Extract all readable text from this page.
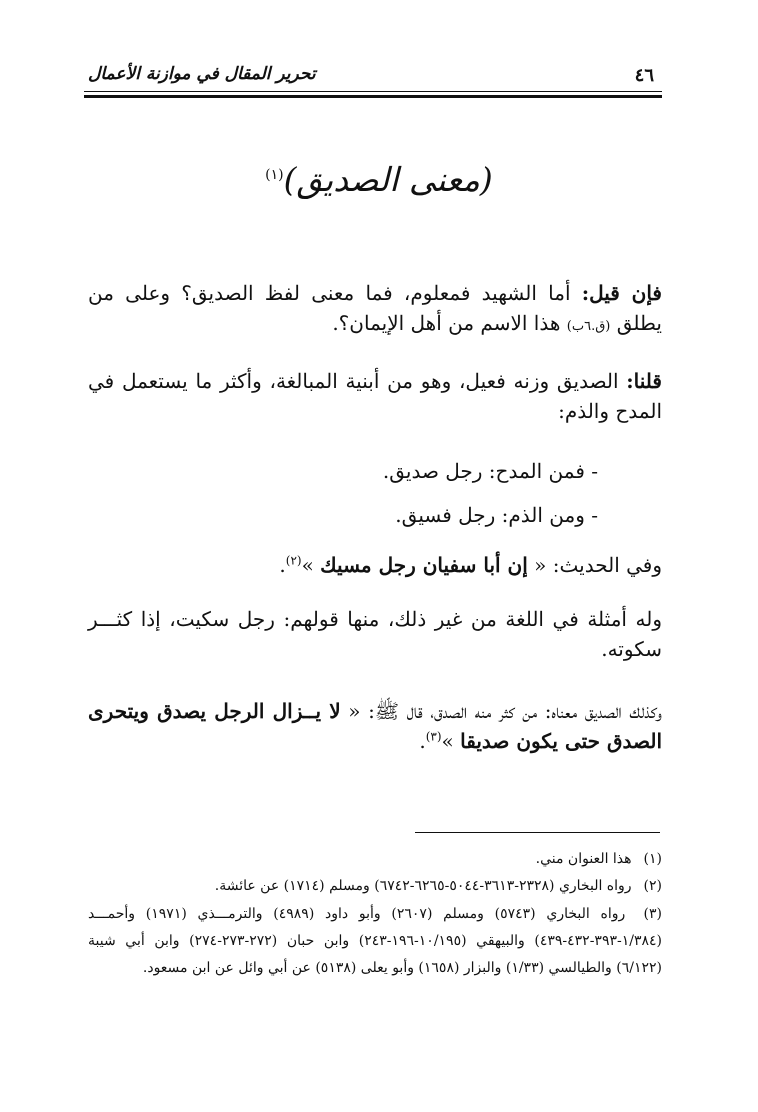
٤٦
تحرير المقال في موازنة الأعمال
(معنى الصديق)$^{(١)}$
فإن قيل: أما الشهيد فمعلوم، فما معنى لفظ الصديق؟ وعلى من يطلق (ق.٦ب) هذا الاسم من أهل الإيمان؟.
قلنا: الصديق وزنه فعيل، وهو من أبنية المبالغة، وأكثر ما يستعمل في المدح والذم:
- فمن المدح: رجل صديق.
- ومن الذم: رجل فسيق.
وفي الحديث: « إن أبا سفيان رجل مسيك »$^{(٢)}$.
وله أمثلة في اللغة من غير ذلك، منها قولهم: رجل سكيت، إذا كثـــر سكوته.
وكذلك الصديق معناه: من كثر منه الصدق، قال ﷺ: « لا يــزال الرجل يصدق ويتحرى الصدق حتى يكون صديقا »$^{(٣)}$.

(١) هذا العنوان مني.

(٢) رواه البخاري (٢٣٢٨-٣٦١٣-٥٠٤٤-٦٢٦٥-٦٧٤٢) ومسلم (١٧١٤) عن عائشة.

(٣) رواه البخاري (٥٧٤٣) ومسلم (٢٦٠٧) وأبو داود (٤٩٨٩) والترمـــذي (١٩٧١) وأحمـــد (١/٣٨٤-٣٩٣-٤٣٢-٤٣٩) والبيهقي (١٠/١٩٥-١٩٦-٢٤٣) وابن حبان (٢٧٢-٢٧٣-٢٧٤) وابن أبي شيبة (٦/١٢٢) والطيالسي (١/٣٣) والبزار (١٦٥٨) وأبو يعلى (٥١٣٨) عن أبي وائل عن ابن مسعود.
